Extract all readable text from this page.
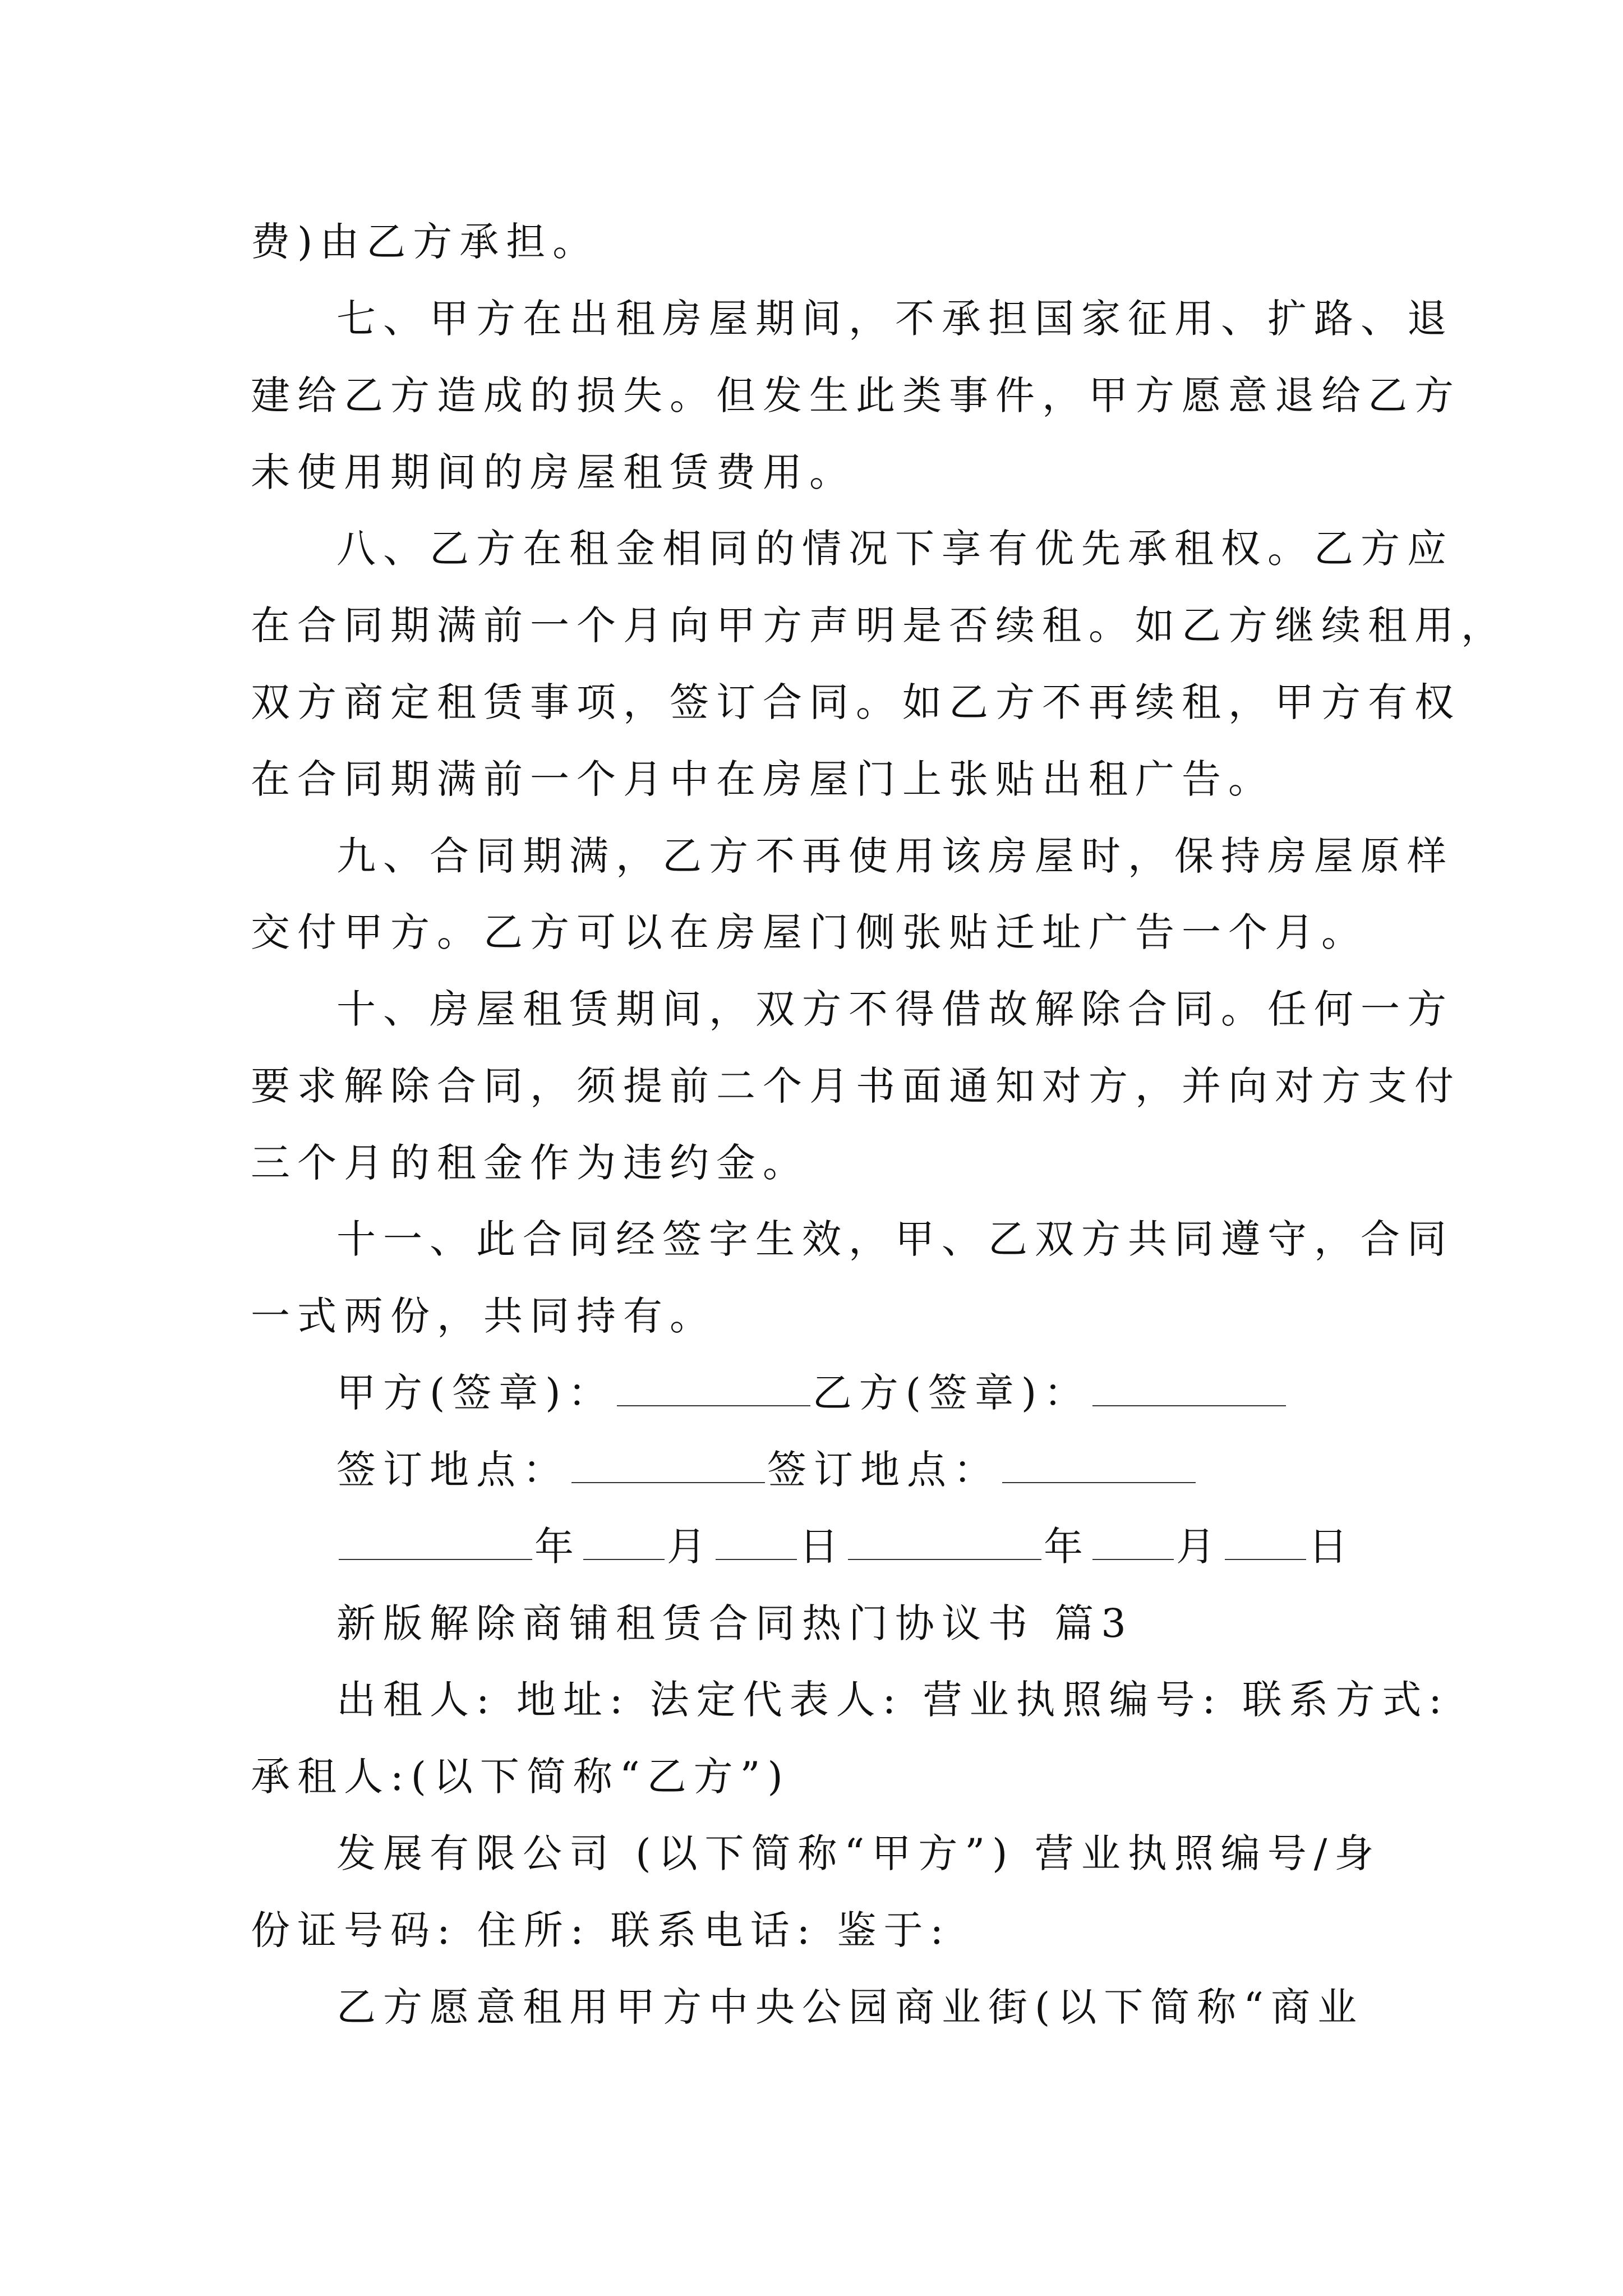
费)由乙方承担。
七、甲方在出租房屋期间，不承担国家征用、扩路、退
建给乙方造成的损失。但发生此类事件，甲方愿意退给乙方
未使用期间的房屋租赁费用。
八、乙方在租金相同的情况下享有优先承租权。乙方应
在合同期满前一个月向甲方声明是否续租。如乙方继续租用，
双方商定租赁事项，签订合同。如乙方不再续租，甲方有权
在合同期满前一个月中在房屋门上张贴出租广告。
九、合同期满，乙方不再使用该房屋时，保持房屋原样
交付甲方。乙方可以在房屋门侧张贴迁址广告一个月。
十、房屋租赁期间，双方不得借故解除合同。任何一方
要求解除合同，须提前二个月书面通知对方，并向对方支付
三个月的租金作为违约金。
十一、此合同经签字生效，甲、乙双方共同遵守，合同
一式两份，共同持有。
甲方(签章)：	乙方(签章)：
签订地点：	签订地点：
年 月 日	年 月 日
新版解除商铺租赁合同热门协议书 篇3
出租人: 地址: 法定代表人: 营业执照编号: 联系方式:
承租人:(以下简称“乙方”)
发展有限公司 (以下简称“甲方”) 营业执照编号/身
份证号码: 住所: 联系电话: 鉴于:
乙方愿意租用甲方中央公园商业街(以下简称“商业
